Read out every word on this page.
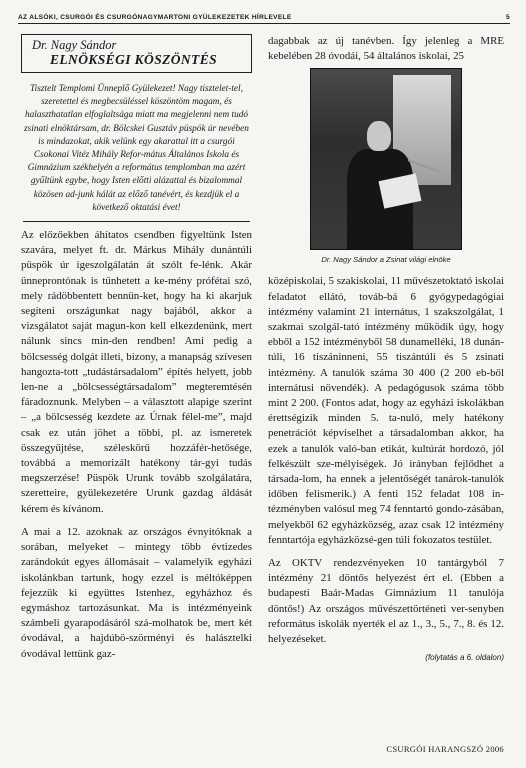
AZ ALSÓKI, CSURGÓI ÉS CSURGÓNAGYMARTONI GYÜLEKEZETEK HÍRLEVELE	5
Dr. Nagy Sándor
ELNÖKSÉGI KÖSZÖNTÉS
Tisztelt Templomi Ünneplő Gyülekezet! Nagy tisztelet-tel, szeretettel és megbecsüléssel köszöntöm magam, és halaszthatatlan elfoglaltsága miatt ma megjelenni nem tudó zsinati elnöktársam, dr. Bölcskei Gusztáv püspök úr nevében is mindazokat, akik velünk egy akarattal itt a csurgói Csokonai Vitéz Mihály Refor-mátus Általános Iskola és Gimnázium székhelyén a református templomban ma azért gyűltünk egybe, hogy Isten előtti alázattal és bizalommal közösen ad-junk hálát az előző tanévért, és kezdjük el a következő oktatási évet!

Az előzőekben áhítatos csendben figyeltünk Isten szavára, melyet ft. dr. Márkus Mihály dunántúli püspök úr igeszolgálatán át szólt fe-lénk. Akár ünneprontónak is tűnhetett a ke-mény prófétai szó, mely rádöbbentett bennün-ket, hogy ha ki akarjuk segíteni országunkat nagy bajából, akkor a vizsgálatot saját magun-kon kell elkezdenünk, mert nálunk sincs min-den rendben! Ami pedig a bölcsesség dolgát illeti, bizony, a manapság szívesen hangozta-tott „tudástársadalom” építés helyett, jobb len-ne a „bölcsességtársadalom” megteremtésén fáradoznunk. Melyben – a választott alapige szerint – „a bölcsesség kezdete az Úrnak félel-me”, majd csak ez után jöhet a többi, pl. az ismeretek összegyűjtése, széleskörű hozzáfér-hetősége, továbbá a memorizált hatékony tár-gyi tudás megszerzése! Püspök Urunk tovább szolgálatára, szeretteire, gyülekezetére Urunk gazdag áldását kérem és kívánom.

A mai a 12. azoknak az országos évnyitóknak a sorában, melyeket – mintegy több évtizedes zarándokút egyes állomásait – valamelyik egyházi iskolánkban tartunk, hogy ezzel is méltóképpen fejezzük ki együttes Istenhez, egyházhoz és egymáshoz tartozásunkat. Ma is intézményeink számbeli gyarapodásáról szá-molhatok be, mert két óvodával, a hajdúbö-szörményi és halásztelki óvodával lettünk gaz-

dagabbak az új tanévben. Így jelenleg a MRE kebelében 28 óvodái, 54 általános iskolai, 25

Dr. Nagy Sándor a Zsinat világi elnöke

középiskolai, 5 szakiskolai, 11 művészetoktató iskolai feladatot ellátó, továb-bá 6 gyógypedagógiai intézmény valamint 21 internátus, 1 szakszolgálat, 1 szakmai szolgál-tató intézmény működik úgy, hogy ebből a 152 intézményből 58 dunamelléki, 18 dunán-túli, 16 tiszáninneni, 55 tiszántúli és 5 zsinati intézmény. A tanulók száma 30 400 (2 200 eb-ből internátusi növendék). A pedagógusok száma több mint 2 200. (Fontos adat, hogy az egyházi iskolákban érettségizik minden 5. ta-nuló, mely hatékony penetrációt képviselhet a társadalomban akkor, ha ezek a tanulók való-ban etikát, kultúrát hordozó, jól felkészült sze-mélyiségek. Jó irányban fejlődhet a társada-lom, ha ennek a jelentőségét tanárok-tanulók időben felismerik.) A fenti 152 feladat 108 in-tézményben valósul meg 74 fenntartó gondo-zásában, melyekből 62 egyházközség, azaz csak 12 intézmény fenntartója egyházközsé-gen túli fokozatos testület.

Az OKTV rendezvényeken 10 tantárgyból 7 intézmény 21 döntős helyezést ért el. (Ebben a budapesti Baár-Madas Gimnázium 11 tanulója döntős!) Az országos művészettörténeti ver-senyben református iskolák nyerték el az 1., 3., 5., 7., 8. és 12. helyezéseket.

(folytatás a 6. oldalon)
CSURGÓI HARANGSZÓ 2006
